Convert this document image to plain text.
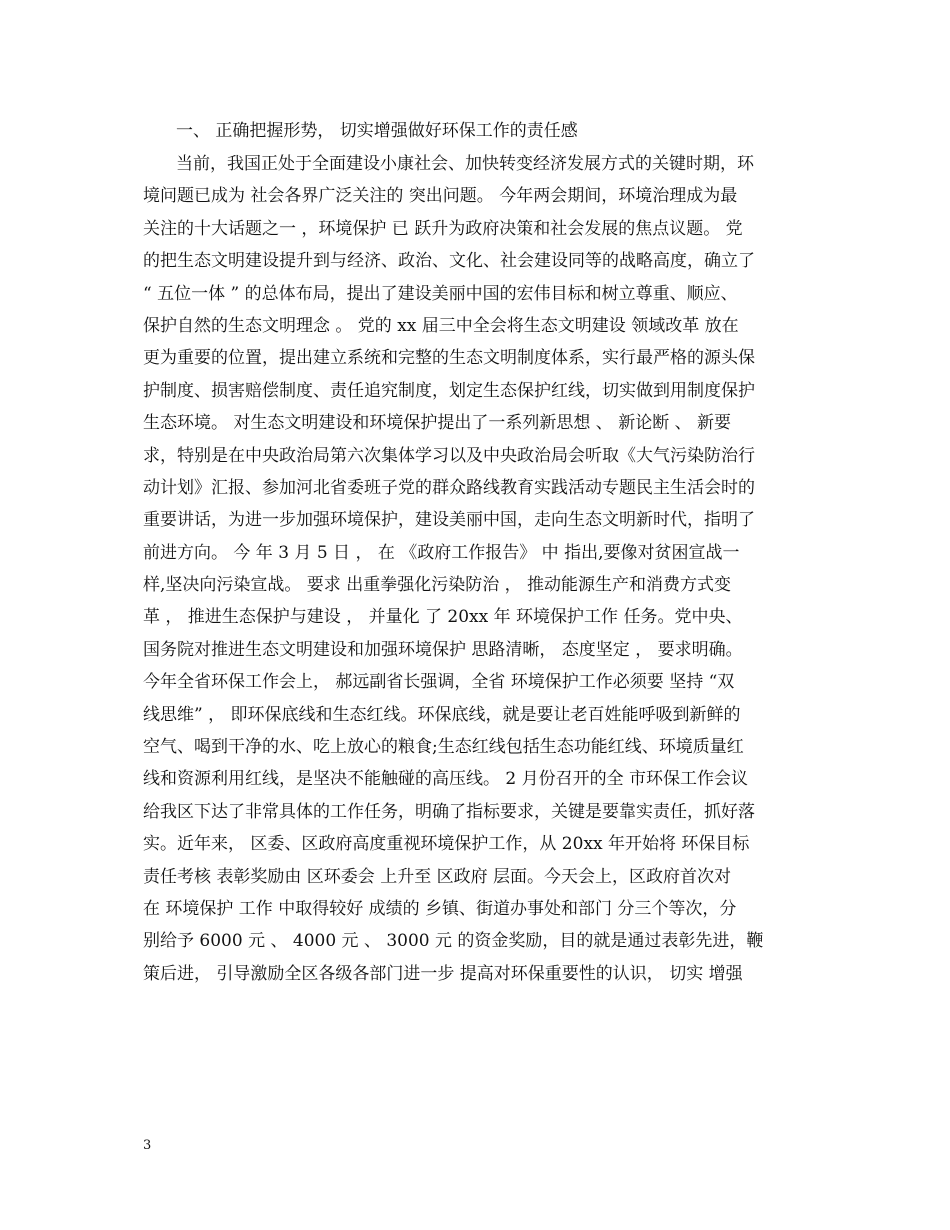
一、 正确把握形势， 切实增强做好环保工作的责任感
当前，我国正处于全面建设小康社会、加快转变经济发展方式的关键时期，环
境问题已成为 社会各界广泛关注的 突出问题。 今年两会期间，环境治理成为最
关注的十大话题之一 ，环境保护 已 跃升为政府决策和社会发展的焦点议题。 党
的把生态文明建设提升到与经济、政治、文化、社会建设同等的战略高度，确立了
“ 五位一体 ” 的总体布局，提出了建设美丽中国的宏伟目标和树立尊重、顺应、
保护自然的生态文明理念 。 党的 xx 届三中全会将生态文明建设 领域改革 放在
更为重要的位置，提出建立系统和完整的生态文明制度体系，实行最严格的源头保
护制度、损害赔偿制度、责任追究制度，划定生态保护红线，切实做到用制度保护
生态环境。 对生态文明建设和环境保护提出了一系列新思想 、 新论断 、 新要
求，特别是在中央政治局第六次集体学习以及中央政治局会听取《大气污染防治行
动计划》汇报、参加河北省委班子党的群众路线教育实践活动专题民主生活会时的
重要讲话，为进一步加强环境保护，建设美丽中国，走向生态文明新时代，指明了
前进方向。 今 年 3 月 5 日 ， 在 《政府工作报告》 中 指出,要像对贫困宣战一
样,坚决向污染宣战。 要求 出重拳强化污染防治 ， 推动能源生产和消费方式变
革 ， 推进生态保护与建设 ， 并量化 了 20xx 年 环境保护工作 任务。党中央、
国务院对推进生态文明建设和加强环境保护 思路清晰， 态度坚定 ， 要求明确。
今年全省环保工作会上， 郝远副省长强调，全省 环境保护工作必须要 坚持 “双
线思维” ， 即环保底线和生态红线。环保底线，就是要让老百姓能呼吸到新鲜的
空气、喝到干净的水、吃上放心的粮食;生态红线包括生态功能红线、环境质量红
线和资源利用红线，是坚决不能触碰的高压线。 2 月份召开的全 市环保工作会议
给我区下达了非常具体的工作任务，明确了指标要求，关键是要靠实责任，抓好落
实。近年来， 区委、区政府高度重视环境保护工作，从 20xx 年开始将 环保目标
责任考核 表彰奖励由 区环委会 上升至 区政府 层面。今天会上，区政府首次对
在 环境保护 工作 中取得较好 成绩的 乡镇、街道办事处和部门 分三个等次，分
别给予 6000 元 、 4000 元 、 3000 元 的资金奖励，目的就是通过表彰先进，鞭
策后进， 引导激励全区各级各部门进一步 提高对环保重要性的认识， 切实 增强
3
